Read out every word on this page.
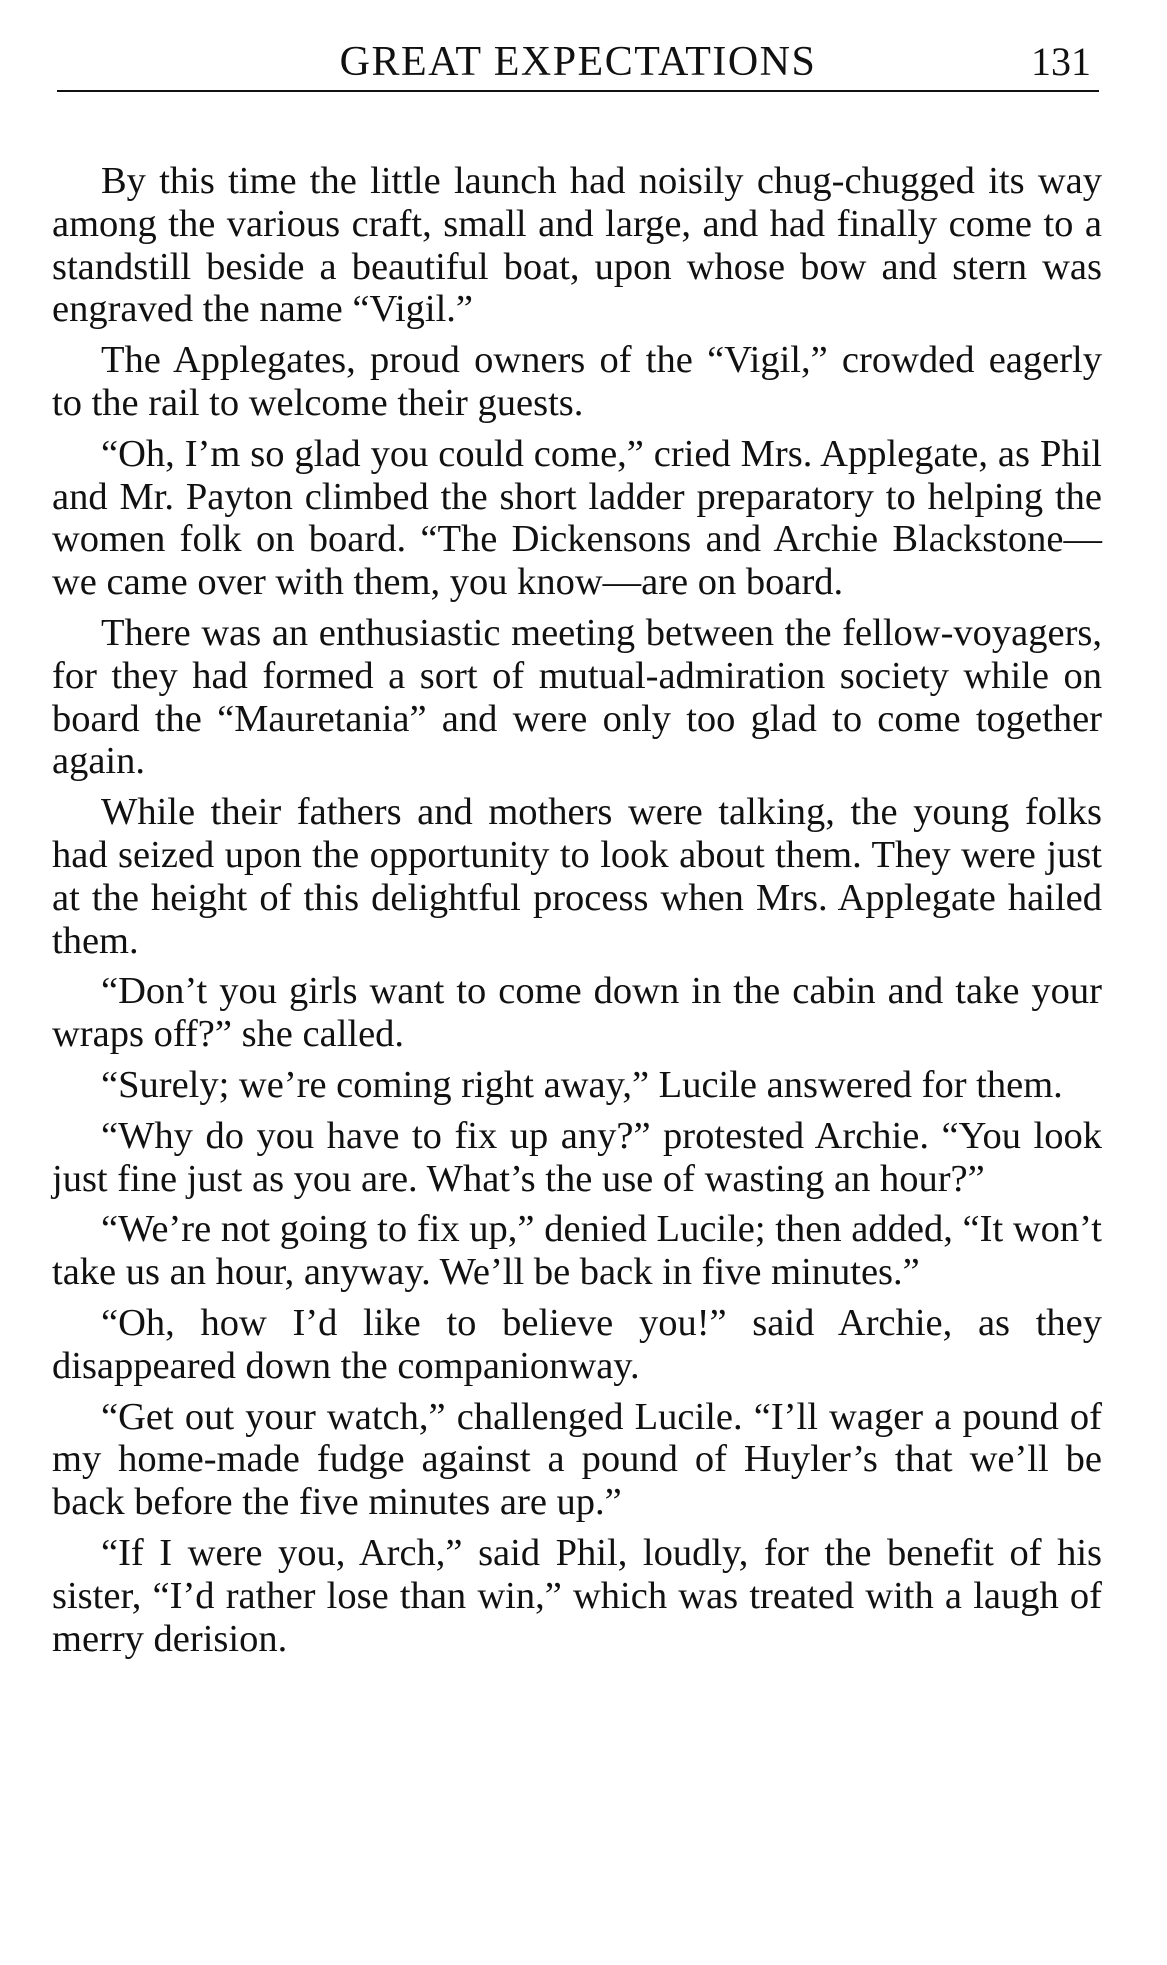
GREAT EXPECTATIONS	131

By this time the little launch had noisily chug-chugged its way among the various craft, small and large, and had finally come to a standstill beside a beautiful boat, upon whose bow and stern was engraved the name “Vigil.”

The Applegates, proud owners of the “Vigil,” crowded eagerly to the rail to welcome their guests.

“Oh, I’m so glad you could come,” cried Mrs. Applegate, as Phil and Mr. Payton climbed the short ladder preparatory to helping the women folk on board. “The Dickensons and Archie Blackstone—we came over with them, you know—are on board.

There was an enthusiastic meeting between the fellow-voyagers, for they had formed a sort of mutual-admiration society while on board the “Mauretania” and were only too glad to come together again.

While their fathers and mothers were talking, the young folks had seized upon the opportunity to look about them. They were just at the height of this delightful process when Mrs. Applegate hailed them.

“Don’t you girls want to come down in the cabin and take your wraps off?” she called.

“Surely; we’re coming right away,” Lucile answered for them.

“Why do you have to fix up any?” protested Archie. “You look just fine just as you are. What’s the use of wasting an hour?”

“We’re not going to fix up,” denied Lucile; then added, “It won’t take us an hour, anyway. We’ll be back in five minutes.”

“Oh, how I’d like to believe you!” said Archie, as they disappeared down the companionway.

“Get out your watch,” challenged Lucile. “I’ll wager a pound of my home-made fudge against a pound of Huyler’s that we’ll be back before the five minutes are up.”

“If I were you, Arch,” said Phil, loudly, for the benefit of his sister, “I’d rather lose than win,” which was treated with a laugh of merry derision.
